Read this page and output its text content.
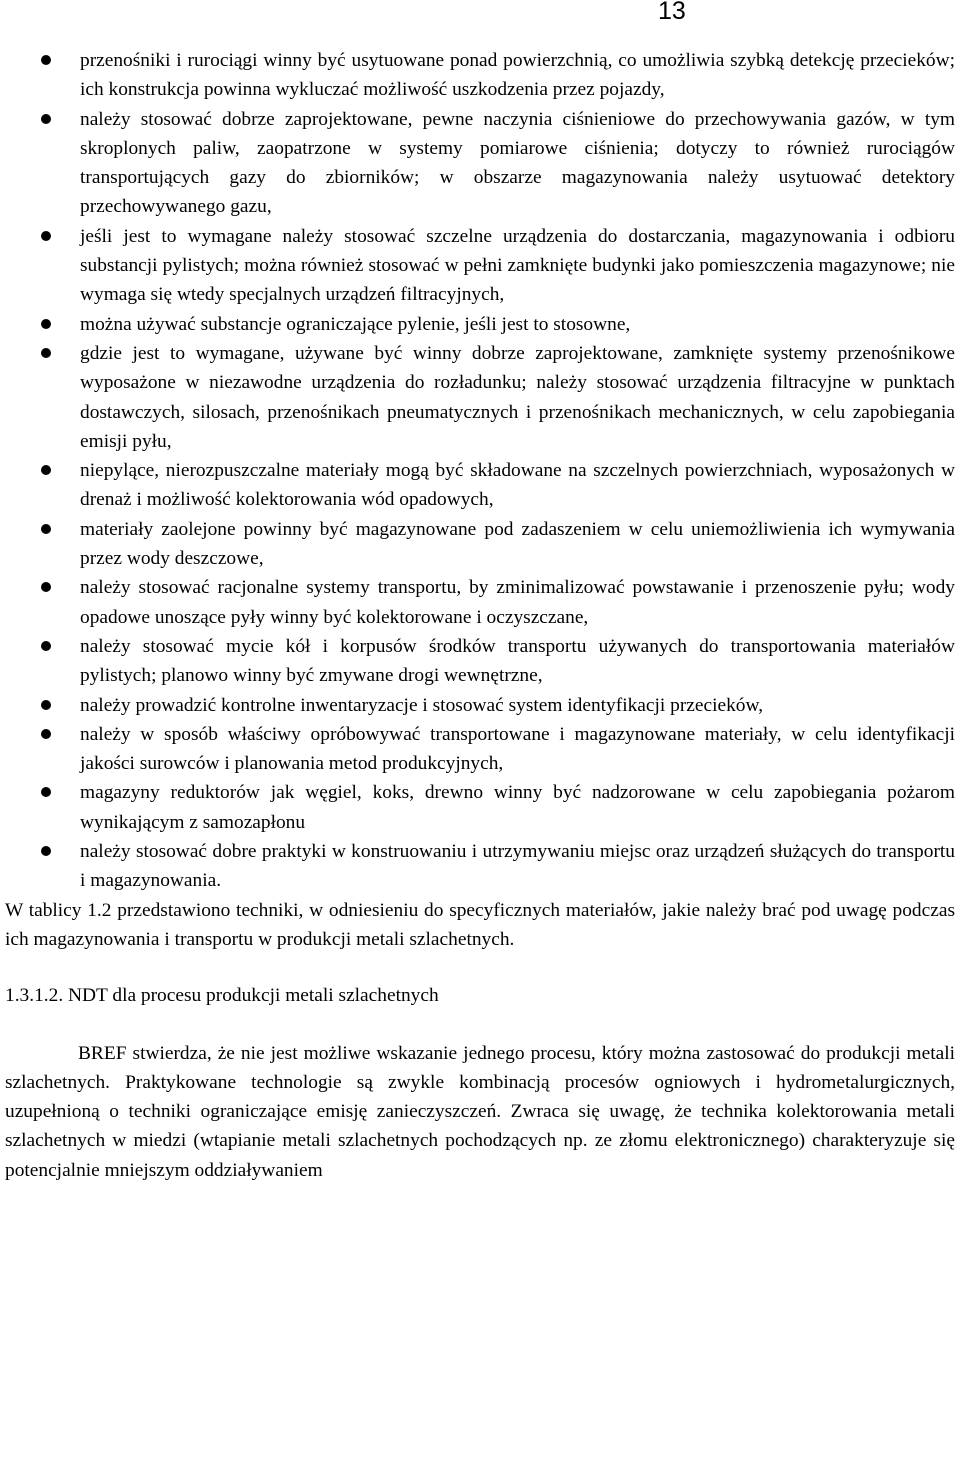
13
przenośniki i rurociągi winny być usytuowane ponad powierzchnią, co umożliwia szybką detekcję przecieków; ich konstrukcja powinna wykluczać możliwość uszkodzenia przez pojazdy,
należy stosować dobrze zaprojektowane, pewne naczynia ciśnieniowe do przechowywania gazów, w tym skroplonych paliw, zaopatrzone w systemy pomiarowe ciśnienia; dotyczy to również rurociągów transportujących gazy do zbiorników; w obszarze magazynowania należy usytuować detektory przechowywanego gazu,
jeśli jest to wymagane należy stosować szczelne urządzenia do dostarczania, magazynowania i odbioru substancji pylistych; można również stosować w pełni zamknięte budynki jako pomieszczenia magazynowe; nie wymaga się wtedy specjalnych urządzeń filtracyjnych,
można używać substancje ograniczające pylenie, jeśli jest to stosowne,
gdzie jest to wymagane, używane być winny dobrze zaprojektowane, zamknięte systemy przenośnikowe wyposażone w niezawodne urządzenia do rozładunku; należy stosować urządzenia filtracyjne w punktach dostawczych, silosach, przenośnikach pneumatycznych i przenośnikach mechanicznych, w celu zapobiegania emisji pyłu,
niepylące, nierozpuszczalne materiały mogą być składowane na szczelnych powierzchniach, wyposażonych w drenaż i możliwość kolektorowania wód opadowych,
materiały zaolejone powinny być magazynowane pod zadaszeniem w celu uniemożliwienia ich wymywania przez wody deszczowe,
należy stosować racjonalne systemy transportu, by zminimalizować powstawanie i przenoszenie pyłu; wody opadowe unoszące pyły winny być kolektorowane i oczyszczane,
należy stosować mycie kół i korpusów środków transportu używanych do transportowania materiałów pylistych; planowo winny być zmywane drogi wewnętrzne,
należy prowadzić kontrolne inwentaryzacje i stosować system identyfikacji przecieków,
należy w sposób właściwy opróbowywać transportowane i magazynowane materiały, w celu identyfikacji jakości surowców i planowania metod produkcyjnych,
magazyny reduktorów jak węgiel, koks, drewno winny być nadzorowane w celu zapobiegania pożarom wynikającym z samozapłonu
należy stosować dobre praktyki w konstruowaniu i utrzymywaniu miejsc oraz urządzeń służących do transportu i magazynowania.

W tablicy 1.2 przedstawiono techniki, w odniesieniu do specyficznych materiałów, jakie należy brać pod uwagę podczas ich magazynowania i transportu w produkcji metali szlachetnych.

1.3.1.2. NDT dla procesu produkcji metali szlachetnych

BREF stwierdza, że nie jest możliwe wskazanie jednego procesu, który można zastosować do produkcji metali szlachetnych. Praktykowane technologie są zwykle kombinacją procesów ogniowych i hydrometalurgicznych, uzupełnioną o techniki ograniczające emisję zanieczyszczeń. Zwraca się uwagę, że technika kolektorowania metali szlachetnych w miedzi (wtapianie metali szlachetnych pochodzących np. ze złomu elektronicznego) charakteryzuje się potencjalnie mniejszym oddziaływaniem
